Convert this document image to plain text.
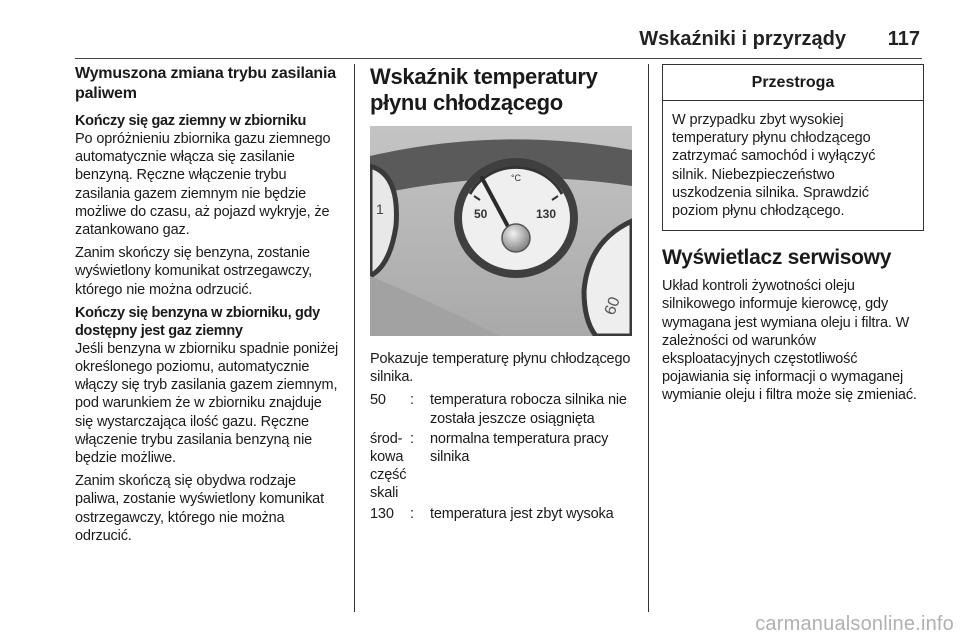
Wskaźniki i przyrządy 117
Wymuszona zmiana trybu zasilania paliwem
Kończy się gaz ziemny w zbiorniku

Po opróżnieniu zbiornika gazu ziemnego automatycznie włącza się zasilanie benzyną. Ręczne włączenie trybu zasilania gazem ziemnym nie będzie możliwe do czasu, aż pojazd wykryje, że zatankowano gaz.

Zanim skończy się benzyna, zostanie wyświetlony komunikat ostrzegawczy, którego nie można odrzucić.

Kończy się benzyna w zbiorniku, gdy dostępny jest gaz ziemny

Jeśli benzyna w zbiorniku spadnie poniżej określonego poziomu, automatycznie włączy się tryb zasilania gazem ziemnym, pod warunkiem że w zbiorniku znajduje się wystarczająca ilość gazu. Ręczne włączenie trybu zasilania benzyną nie będzie możliwe.

Zanim skończą się obydwa rodzaje paliwa, zostanie wyświetlony komunikat ostrzegawczy, którego nie można odrzucić.

Wskaźnik temperatury płynu chłodzącego
1
°C
50	130
60

Pokazuje temperaturę płynu chłodzącego silnika.

50	:	temperatura robocza silnika nie została jeszcze osiągnięta
środ-
kowa
część
skali	:	normalna temperatura pracy silnika
130	:	temperatura jest zbyt wysoka
Przestroga
W przypadku zbyt wysokiej temperatury płynu chłodzącego zatrzymać samochód i wyłączyć silnik. Niebezpieczeństwo uszkodzenia silnika. Sprawdzić poziom płynu chłodzącego.
Wyświetlacz serwisowy

Układ kontroli żywotności oleju silnikowego informuje kierowcę, gdy wymagana jest wymiana oleju i filtra. W zależności od warunków eksploatacyjnych częstotliwość pojawiania się informacji o wymaganej wymianie oleju i filtra może się zmieniać.

carmanualsonline.info
